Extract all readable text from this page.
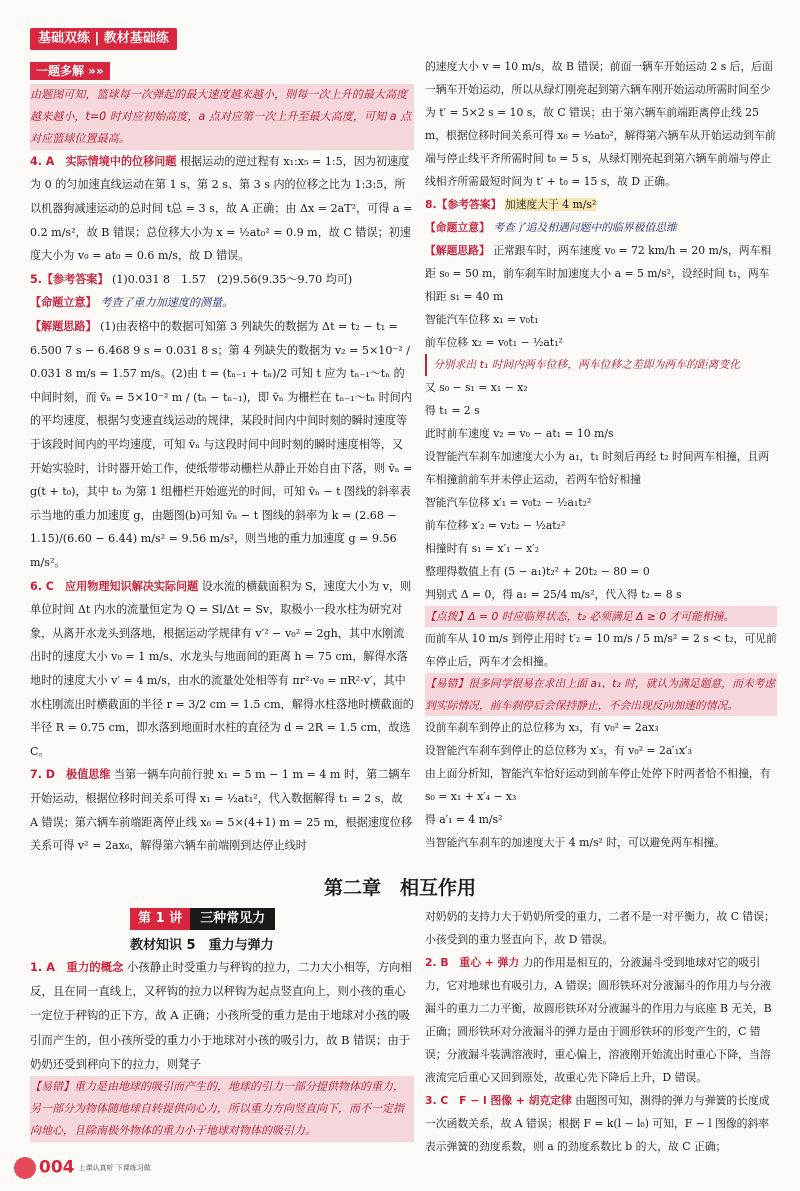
基础双练 | 教材基础练

一题多解 »»

由题图可知，篮球每一次弹起的最大速度越来越小，则每一次上升的最大高度越来越小，t=0 时对应初始高度，a 点对应第一次上升至最大高度，可知 a 点对应篮球位置最高。

4. A　实际情境中的位移问题 根据运动的逆过程有 x₁:x₅ = 1:5，因为初速度为 0 的匀加速直线运动在第 1 s、第 2 s、第 3 s 内的位移之比为 1:3:5，所以机器狗减速运动的总时间 t总 = 3 s，故 A 正确；由 Δx = 2aT²，可得 a = 0.2 m/s²，故 B 错误；总位移大小为 x = ½at₀² = 0.9 m，故 C 错误；初速度大小为 v₀ = at₀ = 0.6 m/s，故 D 错误。

5.【参考答案】 (1)0.031 8　1.57　(2)9.56(9.35～9.70 均可)

【命题立意】 考查了重力加速度的测量。

【解题思路】 (1)由表格中的数据可知第 3 列缺失的数据为 Δt = t₂ − t₁ = 6.500 7 s − 6.468 9 s = 0.031 8 s；第 4 列缺失的数据为 v₂ = 5×10⁻² / 0.031 8 m/s = 1.57 m/s。(2)由 t = (tₙ₋₁ + tₙ)/2 可知 t 应为 tₙ₋₁～tₙ 的中间时刻，而 v̄ₙ = 5×10⁻² m / (tₙ − tₙ₋₁)，即 v̄ₙ 为栅栏在 tₙ₋₁～tₙ 时间内的平均速度，根据匀变速直线运动的规律，某段时间内中间时刻的瞬时速度等于该段时间内的平均速度，可知 v̄ₙ 与这段时间中间时刻的瞬时速度相等，又开始实验时，计时器开始工作，使纸带带动栅栏从静止开始自由下落，则 v̄ₙ = g(t + t₀)，其中 t₀ 为第 1 组栅栏开始遮光的时间，可知 v̄ₙ − t 图线的斜率表示当地的重力加速度 g，由题图(b)可知 v̄ₙ − t 图线的斜率为 k = (2.68 − 1.15)/(6.60 − 6.44) m/s² = 9.56 m/s²，则当地的重力加速度 g = 9.56 m/s²。

6. C　应用物理知识解决实际问题 设水流的横截面积为 S，速度大小为 v，则单位时间 Δt 内水的流量恒定为 Q = Sl/Δt = Sv，取极小一段水柱为研究对象，从离开水龙头到落地，根据运动学规律有 v′² − v₀² = 2gh，其中水刚流出时的速度大小 v₀ = 1 m/s、水龙头与地面间的距离 h = 75 cm，解得水落地时的速度大小 v′ = 4 m/s，由水的流量处处相等有 πr²·v₀ = πR²·v′，其中水柱刚流出时横截面的半径 r = 3/2 cm = 1.5 cm，解得水柱落地时横截面的半径 R = 0.75 cm，即水落到地面时水柱的直径为 d = 2R = 1.5 cm，故选 C。

7. D　极值思维 当第一辆车向前行驶 x₁ = 5 m − 1 m = 4 m 时，第二辆车开始运动，根据位移时间关系可得 x₁ = ½at₁²，代入数据解得 t₁ = 2 s，故 A 错误；第六辆车前端距离停止线 x₆ = 5×(4+1) m = 25 m，根据速度位移关系可得 v² = 2ax₆，解得第六辆车前端刚到达停止线时

的速度大小 v = 10 m/s，故 B 错误；前面一辆车开始运动 2 s 后，后面一辆车开始运动，所以从绿灯刚亮起到第六辆车刚开始运动所需时间至少为 t′ = 5×2 s = 10 s，故 C 错误；由于第六辆车前端距离停止线 25 m，根据位移时间关系可得 x₆ = ½at₀²，解得第六辆车从开始运动到车前端与停止线平齐所需时间 t₀ = 5 s，从绿灯刚亮起到第六辆车前端与停止线相齐所需最短时间为 t′ + t₀ = 15 s，故 D 正确。

8.【参考答案】 加速度大于 4 m/s²

【命题立意】 考查了追及相遇问题中的临界极值思维

【解题思路】 正常跟车时，两车速度 v₀ = 72 km/h = 20 m/s，两车相距 s₀ = 50 m，前车刹车时加速度大小 a = 5 m/s²，设经时间 t₁，两车相距 s₁ = 40 m

智能汽车位移 x₁ = v₀t₁

前车位移 x₂ = v₀t₁ − ½at₁²

分别求出 t₁ 时间内两车位移，两车位移之差即为两车的距离变化

又 s₀ − s₁ = x₁ − x₂

得 t₁ = 2 s

此时前车速度 v₂ = v₀ − at₁ = 10 m/s

设智能汽车刹车加速度大小为 a₁，t₁ 时刻后再经 t₂ 时间两车相撞，且两车相撞前前车并未停止运动，若两车恰好相撞

智能汽车位移 x′₁ = v₀t₂ − ½a₁t₂²

前车位移 x′₂ = v₂t₂ − ½at₂²

相撞时有 s₁ = x′₁ − x′₂

整理得数值上有 (5 − a₁)t₂² + 20t₂ − 80 = 0

判别式 Δ = 0，得 a₁ = 25/4 m/s²，代入得 t₂ = 8 s

【点拨】Δ = 0 时应临界状态，t₂ 必须满足 Δ ≥ 0 才可能相撞。

而前车从 10 m/s 到停止用时 t′₂ = 10 m/s / 5 m/s² = 2 s < t₂，可见前车停止后，两车才会相撞。

【易错】很多同学很易在求出上面 a₁、t₂ 时，就认为满足题意，而未考虑到实际情况，前车刹停后会保持静止，不会出现反向加速的情况。

设前车刹车到停止的总位移为 x₃，有 v₀² = 2ax₃

设智能汽车刹车到停止的总位移为 x′₃，有 v₀² = 2a′₁x′₃

由上面分析知，智能汽车恰好运动到前车停止处停下时两者恰不相撞，有 s₀ = x₁ + x′₄ − x₃

得 a′₁ = 4 m/s²

当智能汽车刹车的加速度大于 4 m/s² 时，可以避免两车相撞。

第二章　相互作用
第 1 讲 三种常见力
教材知识 5　重力与弹力

1. A　重力的概念 小孩静止时受重力与秤钩的拉力，二力大小相等，方向相反，且在同一直线上，又秤钩的拉力以秤钩为起点竖直向上，则小孩的重心一定位于秤钩的正下方，故 A 正确；小孩所受的重力是由于地球对小孩的吸引而产生的，但小孩所受的重力小于地球对小孩的吸引力，故 B 错误；由于奶奶还受到秤向下的拉力，则凳子

【易错】重力是由地球的吸引而产生的，地球的引力一部分提供物体的重力，另一部分为物体随地球自转提供向心力，所以重力方向竖直向下，而不一定指向地心，且除南极外物体的重力小于地球对物体的吸引力。

对奶奶的支持力大于奶奶所受的重力，二者不是一对平衡力，故 C 错误；小孩受到的重力竖直向下，故 D 错误。

2. B　重心 + 弹力 力的作用是相互的，分液漏斗受到地球对它的吸引力，它对地球也有吸引力，A 错误；圆形铁环对分液漏斗的作用力与分液漏斗的重力二力平衡，故圆形铁环对分液漏斗的作用力与底座 B 无关，B 正确；圆形铁环对分液漏斗的弹力是由于圆形铁环的形变产生的，C 错误；分液漏斗装满溶液时，重心偏上，溶液刚开始流出时重心下降，当溶液流完后重心又回到原处，故重心先下降后上升，D 错误。

3. C　F − l 图像 + 胡克定律 由题图可知，测得的弹力与弹簧的长度成一次函数关系，故 A 错误；根据 F = k(l − l₀) 可知，F − l 图像的斜率表示弹簧的劲度系数，则 a 的劲度系数比 b 的大，故 C 正确；

004 上课认真听 下课练习做
